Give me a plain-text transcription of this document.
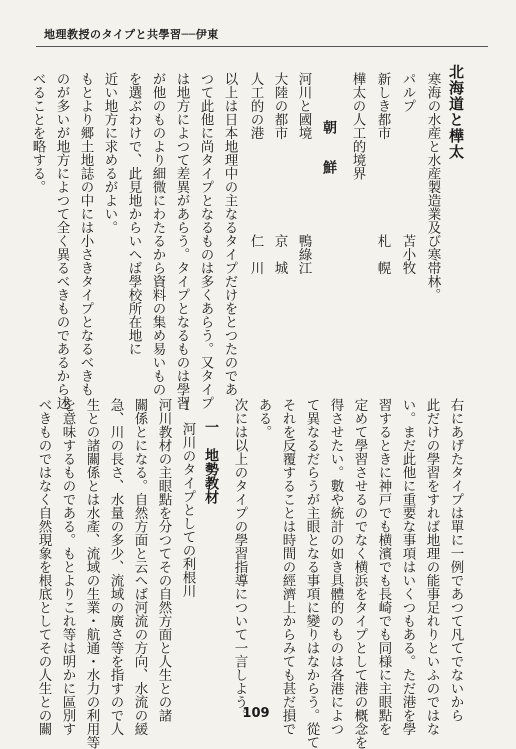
地理教授のタイプと共學習──伊東
北海道と樺太
寒海の水産と水産製造業及び寒帯林。
パルプ　　　　　　　　　苫小牧
新しき都市　　　　　　　札　幌
樺太の人工的境界
朝　鮮
河川と國境　　　　　　　鴨綠江
大陸の都市　　　　　　　京　城
人工的の港　　　　　　　仁　川
以上は日本地理中の主なるタイプだけをとつたのであ
つて此他に尚タイプとなるものは多くあらう。又タイプ
は地方によつて差異があらう。タイプとなるものは學習
が他のものより細微にわたるから資料の集め易いもの
を選ぶわけで、此見地からいへば學校所在地に
近い地方に求めるがよい。
もとより郷土地誌の中には小さきタイプとなるべきも
のが多いが地方によつて全く異るべきものであるから述
べることを略する。
右にあげたタイプは單に一例であつて凡てでないから
此だけの學習をすれば地理の能事足れりといふのではな
い。まだ此他に重要な事項はいくつもある。ただ港を學
習するときに神戸でも横濱でも長崎でも同様に主眼點を
定めて學習させるのでなく横浜をタイプとして港の概念を
得させたい。數や統計の如き具體的のものは各港によつ
て異なるだらうが主眼となる事項に變りはなからう。從て
それを反覆することは時間の經濟上からみても甚だ損で
ある。
次には以上のタイプの學習指導について一言しよう。
一　地勢教材
1.
河川のタイプとしての利根川
河川教材の主眼點を分つてその自然方面と人生との諸
關係とになる。自然方面と云へば河流の方向、水流の緩
急、川の長さ、水量の多少、流域の廣さ等を指すので人
生との諸關係とは水產、流域の生業・航通・水力の利用等
を意味するものである。もとよりこれ等は明かに區別す
べきものではなく自然現象を根底としてその人生との關	109
